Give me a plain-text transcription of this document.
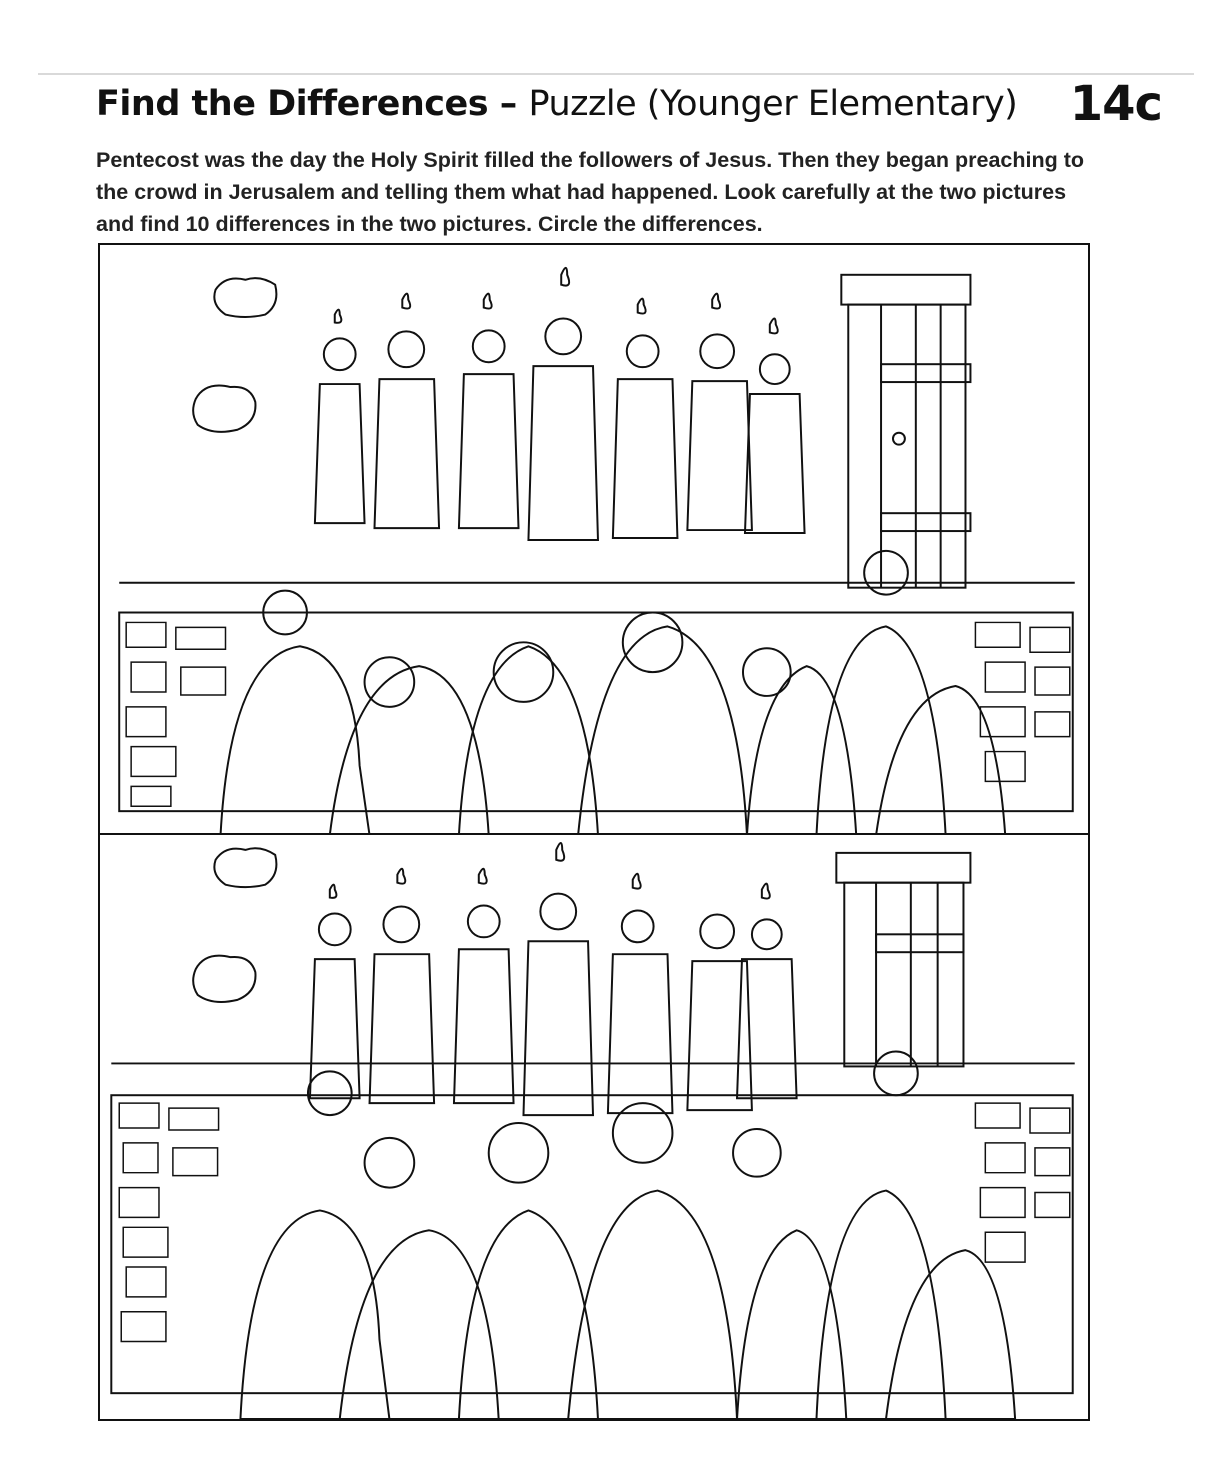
Find the Differences – Puzzle (Younger Elementary) 14c
Pentecost was the day the Holy Spirit filled the followers of Jesus. Then they began preaching to the crowd in Jerusalem and telling them what had happened. Look carefully at the two pictures and find 10 differences in the two pictures. Circle the differences.
